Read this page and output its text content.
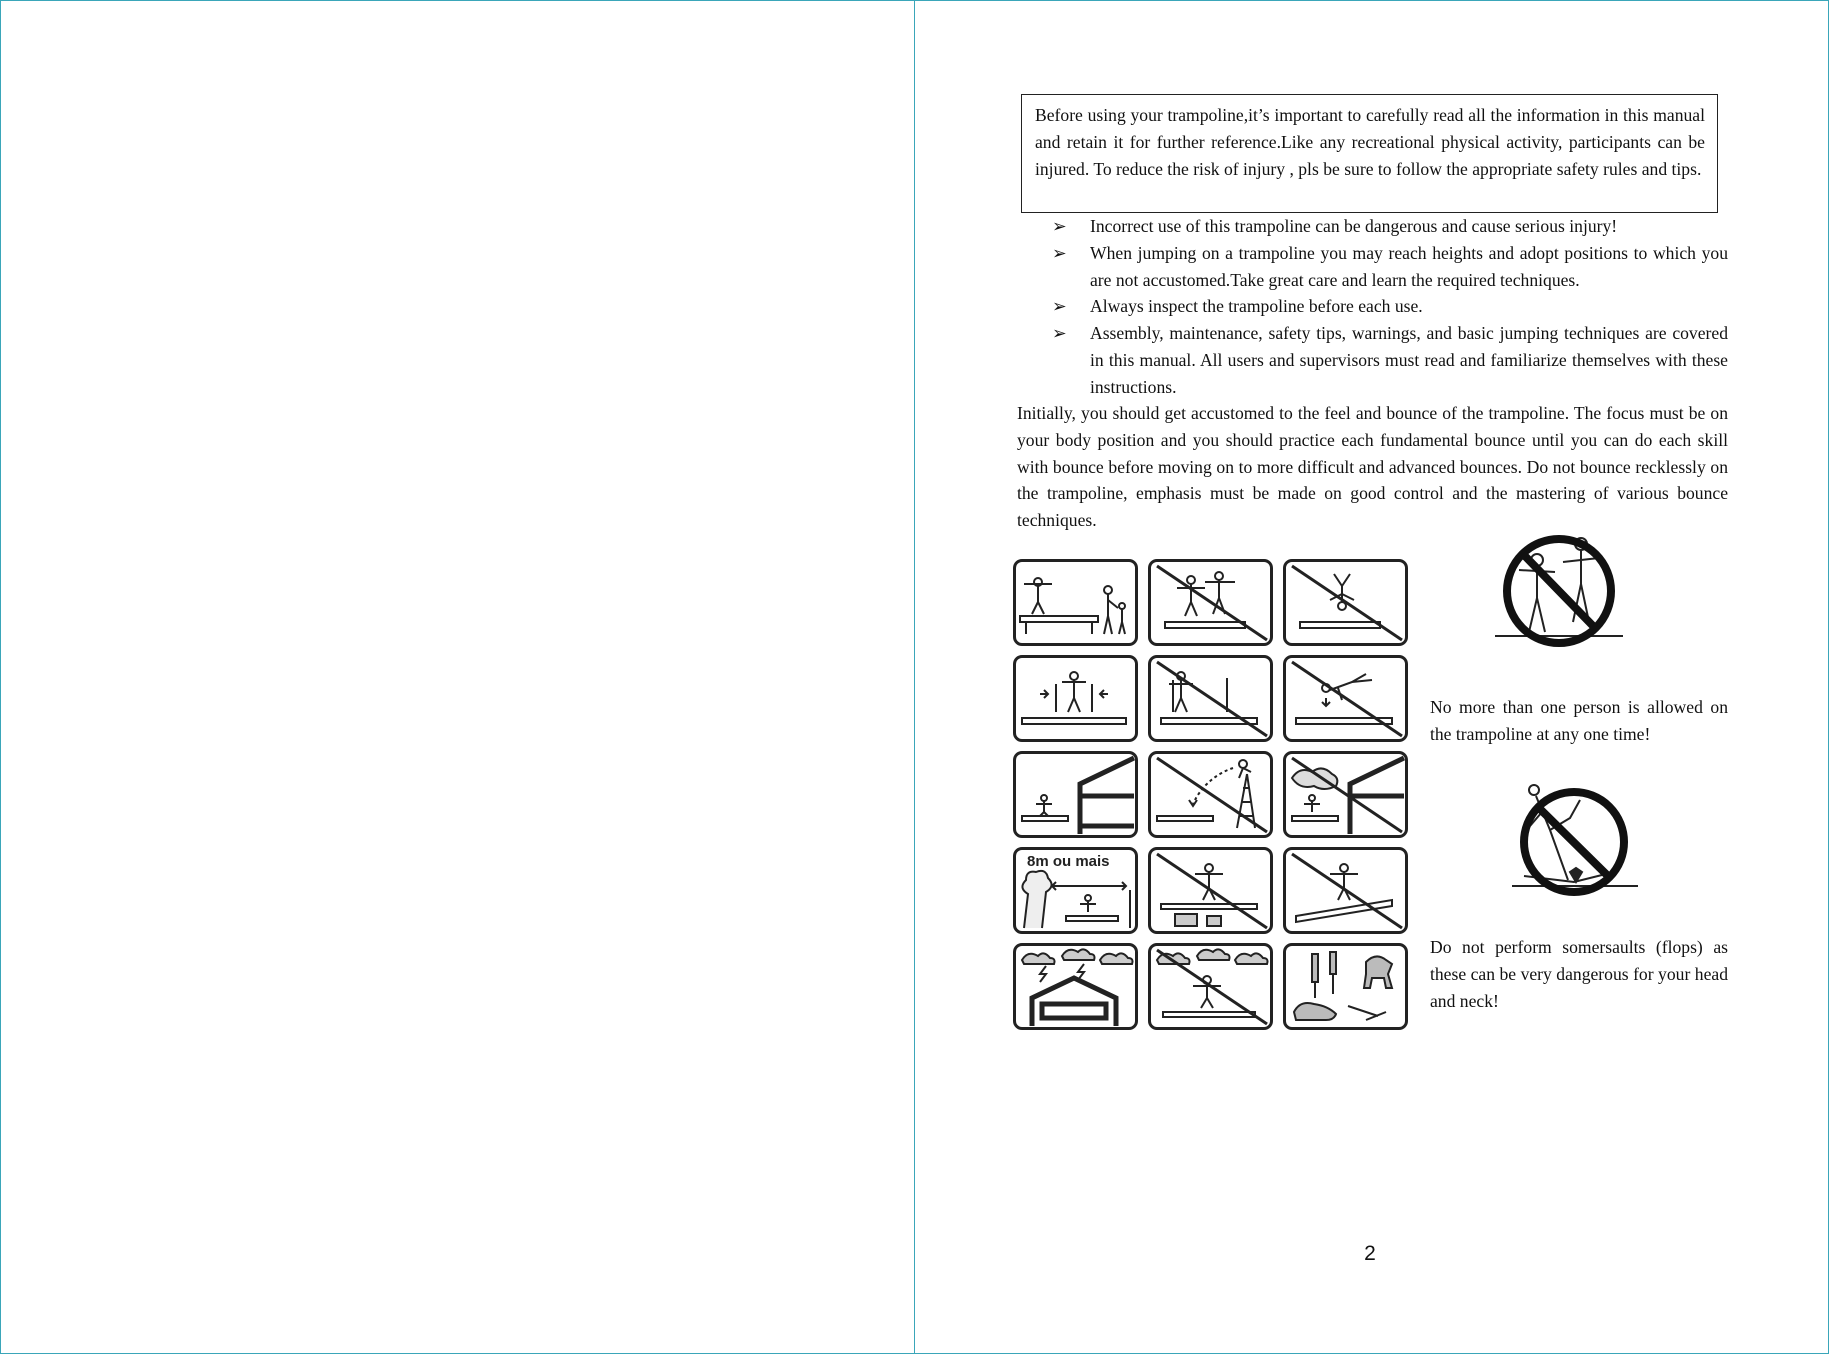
Before using your trampoline,it’s important to carefully read all the information in this manual and retain it for further reference.Like any recreational physical activity, participants can be injured. To reduce the risk of injury , pls be sure to follow the appropriate safety rules and tips.
➢ Incorrect use of this trampoline can be dangerous and cause serious injury!
➢ When jumping on a trampoline you may reach heights and adopt positions to which you are not accustomed.Take great care and learn the required techniques.
➢ Always inspect the trampoline before each use.
➢ Assembly, maintenance, safety tips, warnings, and basic jumping techniques are covered in this manual. All users and supervisors must read and familiarize themselves with these instructions.
Initially, you should get accustomed to the feel and bounce of the trampoline. The focus must be on your body position and you should practice each fundamental bounce until you can do each skill with bounce before moving on to more difficult and advanced bounces. Do not bounce recklessly on the trampoline, emphasis must be made on good control and the mastering of various bounce techniques.
8m ou mais
No more than one person is allowed on the trampoline at any one time!
Do not perform somersaults (flops) as these can be very dangerous for your head and neck!
2
